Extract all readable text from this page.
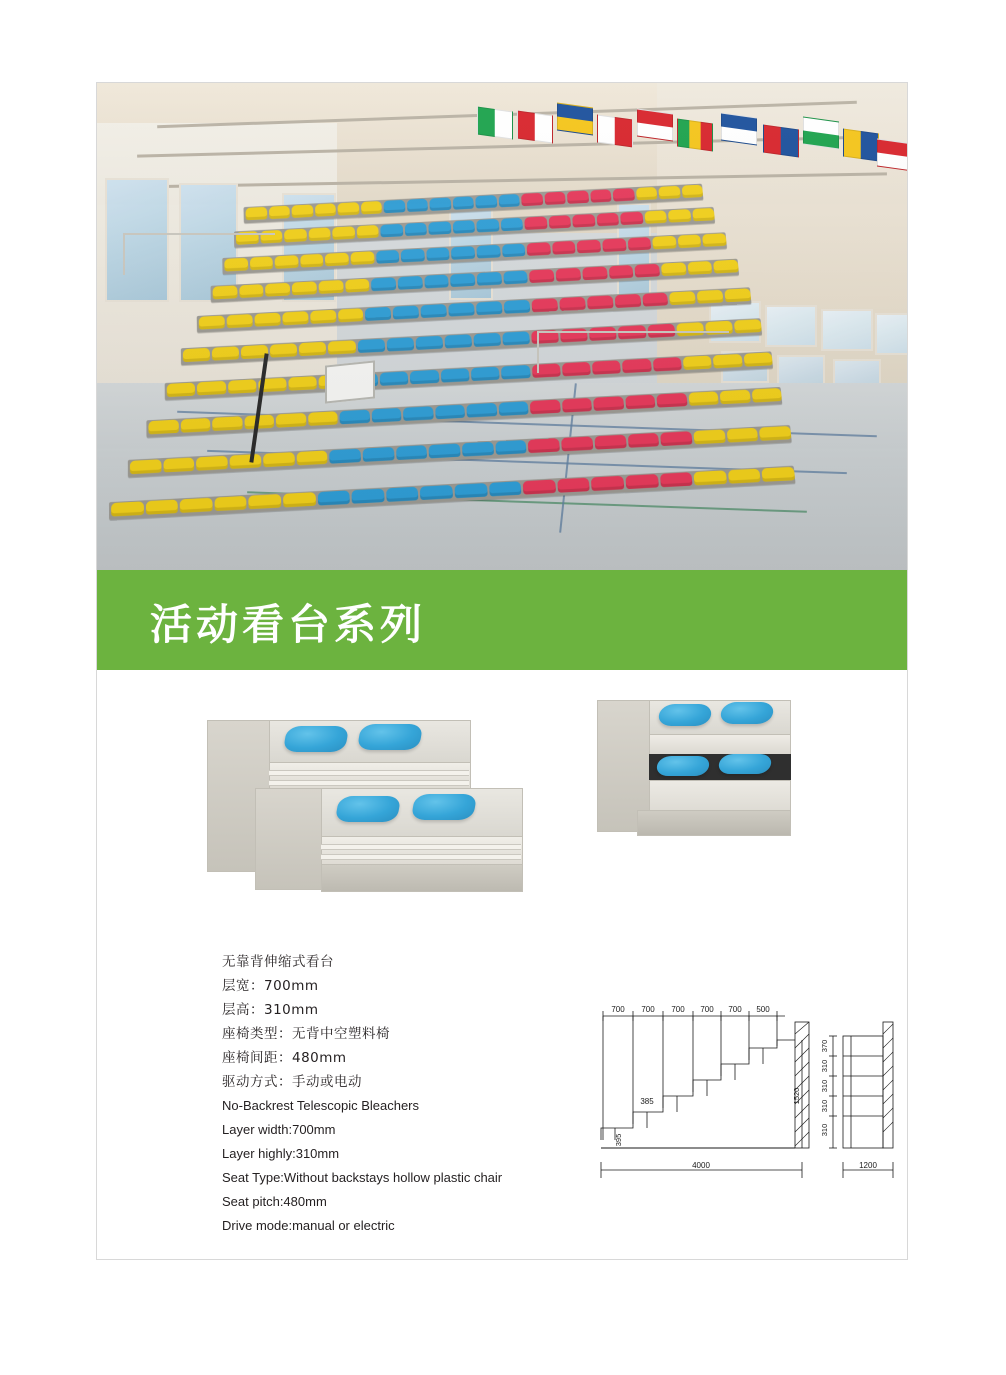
活动看台系列
无靠背伸缩式看台
层宽：700mm
层高：310mm
座椅类型：无背中空塑料椅
座椅间距：480mm
驱动方式：手动或电动
No-Backrest Telescopic Bleachers
Layer width:700mm
Layer highly:310mm
Seat Type:Without backstays hollow plastic chair
Seat pitch:480mm
Drive mode:manual or electric
700 700 700 700 700 500
385
4000	1200
395
370
310
310
310
310
1520
